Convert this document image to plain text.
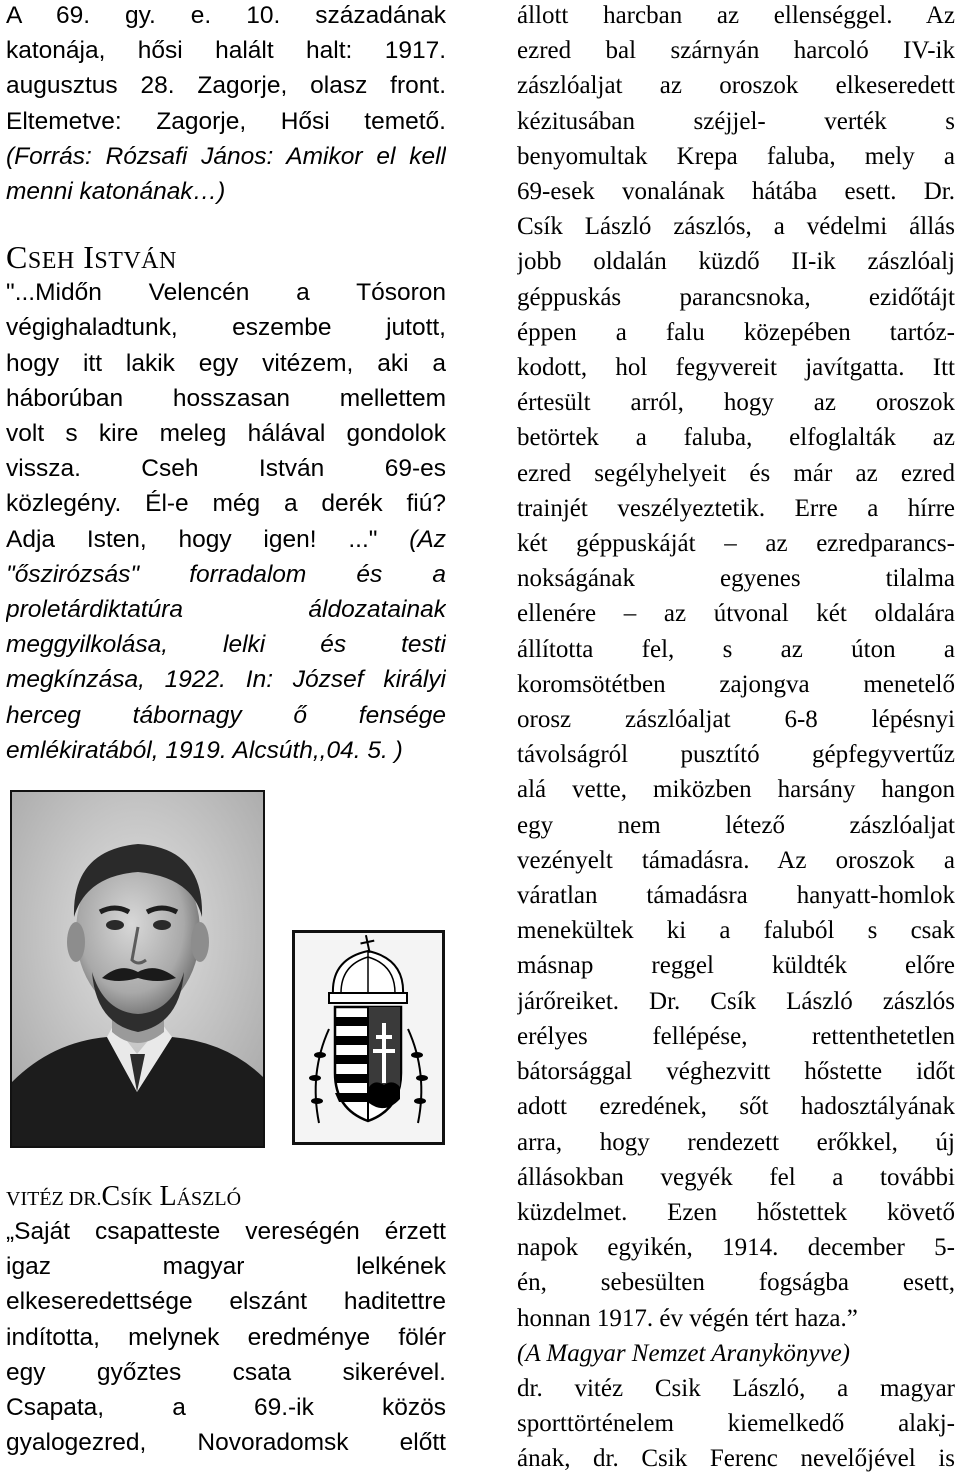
A 69. gy. e. 10. századának
katonája, hősi halált halt: 1917.
augusztus 28. Zagorje, olasz front.
Eltemetve: Zagorje, Hősi temető.
(Forrás: Rózsafi János: Amikor el kell
menni katonának…)
CSEH ISTVÁN
"...Midőn Velencén a Tósoron
végighaladtunk, eszembe jutott,
hogy itt lakik egy vitézem, aki a
háborúban hosszasan mellettem
volt s kire meleg hálával gondolok
vissza. Cseh István 69-es
közlegény. Él-e még a derék fiú?
Adja Isten, hogy igen! ..." (Az
"őszirózsás" forradalom és a
proletárdiktatúra áldozatainak
meggyilkolása, lelki és testi
megkínzása, 1922. In: József királyi
herceg tábornagy ő fensége
emlékiratából, 1919. Alcsúth,,04. 5. )
VITÉZ DR.CSÍK LÁSZLÓ
„Saját csapatteste vereségén érzett
igaz magyar lelkének
elkeseredettsége elszánt haditettre
indította, melynek eredménye fölér
egy győztes csata sikerével.
Csapata, a 69.-ik közös
gyalogezred, Novoradomsk előtt
állott harcban az ellenséggel. Az
ezred bal szárnyán harcoló IV-ik
zászlóaljat az oroszok elkeseredett
kézitusában széjjel- verték s
benyomultak Krepa faluba, mely a
69-esek vonalának hátába esett. Dr.
Csík László zászlós, a védelmi állás
jobb oldalán küzdő II-ik zászlóalj
géppuskás parancsnoka, ezidőtájt
éppen a falu közepében tartóz-
kodott, hol fegyvereit javítgatta. Itt
értesült arról, hogy az oroszok
betörtek a faluba, elfoglalták az
ezred segélyhelyeit és már az ezred
trainjét veszélyeztetik. Erre a hírre
két géppuskáját – az ezredparancs-
nokságának egyenes tilalma
ellenére – az útvonal két oldalára
állította fel, s az úton a
koromsötétben zajongva menetelő
orosz zászlóaljat 6-8 lépésnyi
távolságról pusztító gépfegyvertűz
alá vette, miközben harsány hangon
egy nem létező zászlóaljat
vezényelt támadásra. Az oroszok a
váratlan támadásra hanyatt-homlok
menekültek ki a faluból s csak
másnap reggel küldték előre
járőreiket. Dr. Csík László zászlós
erélyes fellépése, rettenthetetlen
bátorsággal véghezvitt hőstette időt
adott ezredének, sőt hadosztályának
arra, hogy rendezett erőkkel, új
állásokban vegyék fel a további
küzdelmet. Ezen hőstettek követő
napok egyikén, 1914. december 5-
én, sebesülten fogságba esett,
honnan 1917. év végén tért haza.”
(A Magyar Nemzet Aranykönyve)
dr. vitéz Csik László, a magyar
sporttörténelem kiemelkedő alakj-
ának, dr. Csik Ferenc nevelőjével is
